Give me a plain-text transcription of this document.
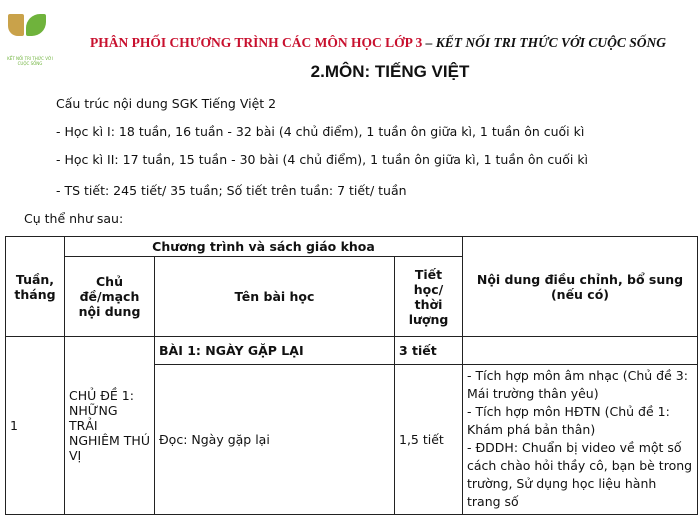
KẾT NỐI TRI THỨC VỚI CUỘC SỐNG
PHÂN PHỐI CHƯƠNG TRÌNH CÁC MÔN HỌC LỚP 3 – KẾT NỐI TRI THỨC VỚI CUỘC SỐNG
2.MÔN: TIẾNG VIỆT
Cấu trúc nội dung SGK Tiếng Việt 2
- Học kì I: 18 tuần, 16 tuần - 32 bài (4 chủ điểm), 1 tuần ôn giữa kì, 1 tuần ôn cuối kì
- Học kì II: 17 tuần, 15 tuần - 30 bài (4 chủ điểm), 1 tuần ôn giữa kì, 1 tuần ôn cuối kì
- TS tiết: 245 tiết/ 35 tuần; Số tiết trên tuần: 7 tiết/ tuần
Cụ thể như sau:
Tuần, tháng	Chương trình và sách giáo khoa			Nội dung điều chỉnh, bổ sung (nếu có)
	Chủ đề/mạch nội dung	Tên bài học	Tiết học/ thời lượng	
1	CHỦ ĐỀ 1: NHỮNG TRẢI NGHIÊM THÚ VỊ	BÀI 1: NGÀY GẶP LẠI	3 tiết	
		Đọc: Ngày gặp lại	1,5 tiết	- Tích hợp môn âm nhạc (Chủ đề 3: Mái trường thân yêu)
- Tích hợp môn HĐTN (Chủ đề 1: Khám phá bản thân)
- ĐDDH: Chuẩn bị video về một số cách chào hỏi thầy cô, bạn bè trong trường, Sử dụng học liệu hành trang số
